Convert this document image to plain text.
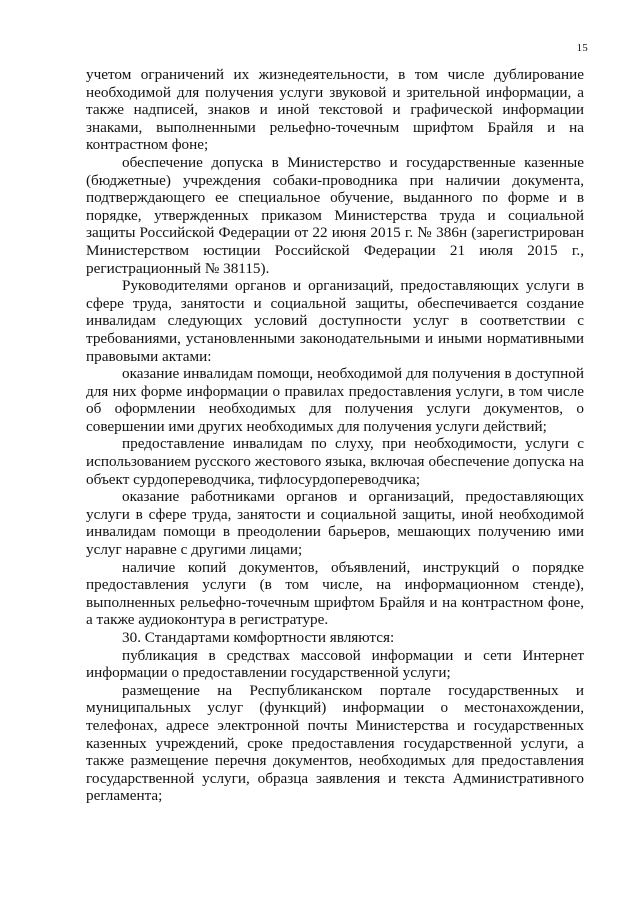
15

учетом ограничений их жизнедеятельности, в том числе дублирование необходимой для получения услуги звуковой и зрительной информации, а также надписей, знаков и иной текстовой и графической информации знаками, выполненными рельефно-точечным шрифтом Брайля и на контрастном фоне;

обеспечение допуска в Министерство и государственные казенные (бюджетные) учреждения собаки-проводника при наличии документа, подтверждающего ее специальное обучение, выданного по форме и в порядке, утвержденных приказом Министерства труда и социальной защиты Российской Федерации от 22 июня 2015 г. № 386н (зарегистрирован Министерством юстиции Российской Федерации 21 июля 2015 г., регистрационный № 38115).

Руководителями органов и организаций, предоставляющих услуги в сфере труда, занятости и социальной защиты, обеспечивается создание инвалидам следующих условий доступности услуг в соответствии с требованиями, установленными законодательными и иными нормативными правовыми актами:

оказание инвалидам помощи, необходимой для получения в доступной для них форме информации о правилах предоставления услуги, в том числе об оформлении необходимых для получения услуги документов, о совершении ими других необходимых для получения услуги действий;

предоставление инвалидам по слуху, при необходимости, услуги с использованием русского жестового языка, включая обеспечение допуска на объект сурдопереводчика, тифлосурдопереводчика;

оказание работниками органов и организаций, предоставляющих услуги в сфере труда, занятости и социальной защиты, иной необходимой инвалидам помощи в преодолении барьеров, мешающих получению ими услуг наравне с другими лицами;

наличие копий документов, объявлений, инструкций о порядке предоставления услуги (в том числе, на информационном стенде), выполненных рельефно-точечным шрифтом Брайля и на контрастном фоне, а также аудиоконтура в регистратуре.

30. Стандартами комфортности являются:

публикация в средствах массовой информации и сети Интернет информации о предоставлении государственной услуги;

размещение на Республиканском портале государственных и муниципальных услуг (функций) информации о местонахождении, телефонах, адресе электронной почты Министерства и государственных казенных учреждений, сроке предоставления государственной услуги, а также размещение перечня документов, необходимых для предоставления государственной услуги, образца заявления и текста Административного регламента;
